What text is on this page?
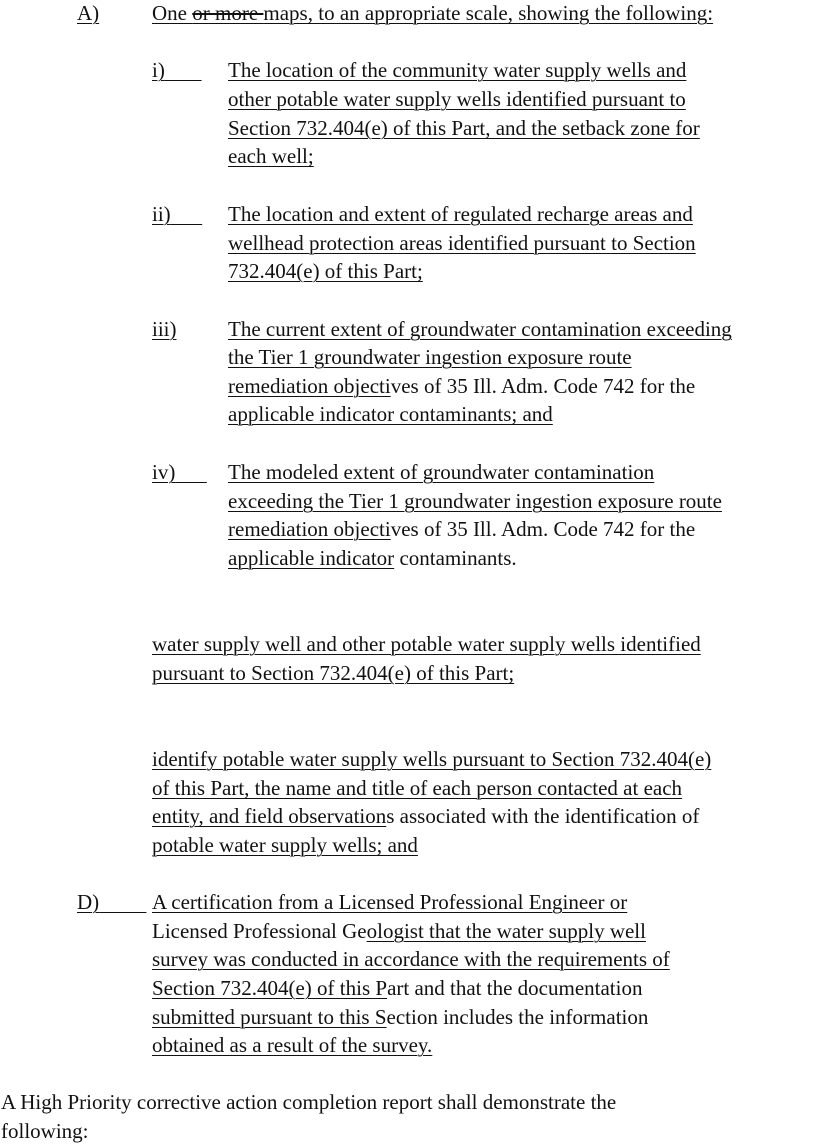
A)	One or more maps, to an appropriate scale, showing the following:
i)	The location of the community water supply wells and
other potable water supply wells identified pursuant to
Section 732.404(e) of this Part, and the setback zone for
each well;
ii)	The location and extent of regulated recharge areas and
wellhead protection areas identified pursuant to Section
732.404(e) of this Part;
iii) The current extent of groundwater contamination exceeding
the Tier 1 groundwater ingestion exposure route
remediation objectives of 35 Ill. Adm. Code 742 for the
applicable indicator contaminants; and
iv)	The modeled extent of groundwater contamination
exceeding the Tier 1 groundwater ingestion exposure route
remediation objectives of 35 Ill. Adm. Code 742 for the
applicable indicator contaminants.
water supply well and other potable water supply wells identified
pursuant to Section 732.404(e) of this Part;
identify potable water supply wells pursuant to Section 732.404(e)
of this Part, the name and title of each person contacted at each
entity, and field observations associated with the identification of
potable water supply wells; and
D)	A certification from a Licensed Professional Engineer or
Licensed Professional Geologist that the water supply well
survey was conducted in accordance with the requirements of
Section 732.404(e) of this Part and that the documentation
submitted pursuant to this Section includes the information
obtained as a result of the survey.
A High Priority corrective action completion report shall demonstrate the
following:
